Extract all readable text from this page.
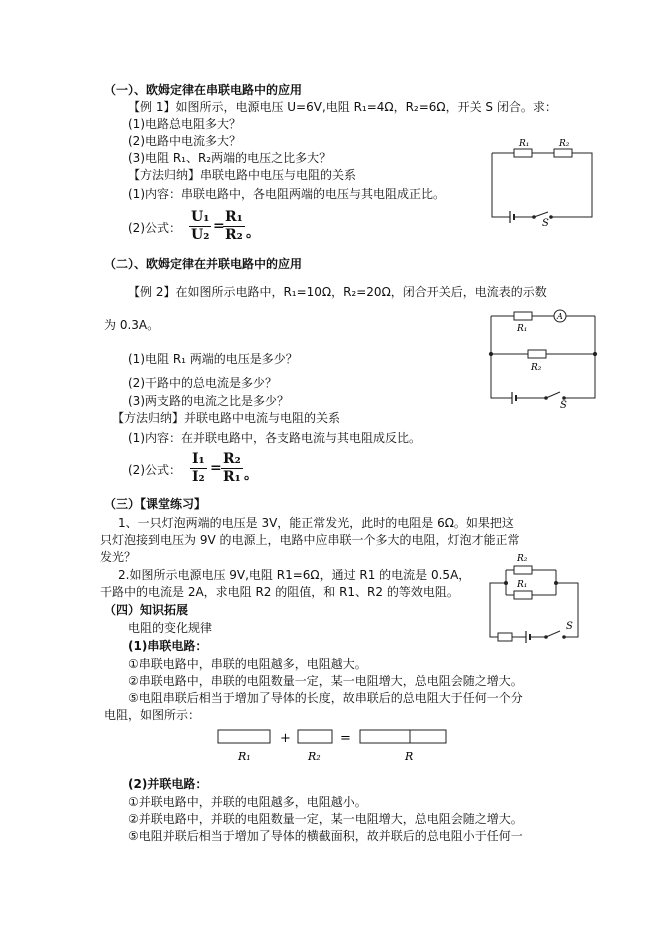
（一）、欧姆定律在串联电路中的应用
【例 1】如图所示，电源电压 U=6V,电阻 R₁=4Ω，R₂=6Ω，开关 S 闭合。求：
(1)电路总电阻多大？
(2)电路中电流多大？
(3)电阻 R₁、R₂两端的电压之比多大？
【方法归纳】串联电路中电压与电阻的关系
(1)内容：串联电路中，各电阻两端的电压与其电阻成正比。
(2)公式： $\frac{\text{U₁}}{\text{U₂}}$ =
$\frac{\text{R₁}}{\text{R₂}}$ 。
R₁	R₂
S
（二）、欧姆定律在并联电路中的应用
【例 2】在如图所示电路中，R₁=10Ω，R₂=20Ω，闭合开关后，电流表的示数
为 0.3A。
(1)电阻 R₁ 两端的电压是多少？
(2)干路中的总电流是多少？
(3)两支路的电流之比是多少？
【方法归纳】并联电路中电流与电阻的关系
(1)内容：在并联电路中，各支路电流与其电阻成反比。
(2)公式： $\frac{\text{I₁}}{\text{I₂}} = \frac{\text{R₂}}{\text{R₁}}$ 。
A
R₁
R₂
S
（三）【课堂练习】
1、一只灯泡两端的电压是 3V，能正常发光，此时的电阻是 6Ω。如果把这
只灯泡接到电压为 9V 的电源上，电路中应串联一个多大的电阻，灯泡才能正常
发光？
2.如图所示电源电压 9V,电阻 R1=6Ω，通过 R1 的电流是 0.5A，
干路中的电流是 2A，求电阻 R2 的阻值，和 R1、R2 的等效电阻。
R₂
R₁
S
（四）知识拓展
电阻的变化规律
(1)串联电路：
①串联电路中，串联的电阻越多，电阻越大。
②串联电路中，串联的电阻数量一定，某一电阻增大，总电阻会随之增大。
⑤电阻串联后相当于增加了导体的长度，故串联后的总电阻大于任何一个分
电阻，如图所示：
+	=
R₁	R₂	R
(2)并联电路：
①并联电路中，并联的电阻越多，电阻越小。
②并联电路中，并联的电阻数量一定，某一电阻增大，总电阻会随之增大。
⑤电阻并联后相当于增加了导体的横截面积，故并联后的总电阻小于任何一
